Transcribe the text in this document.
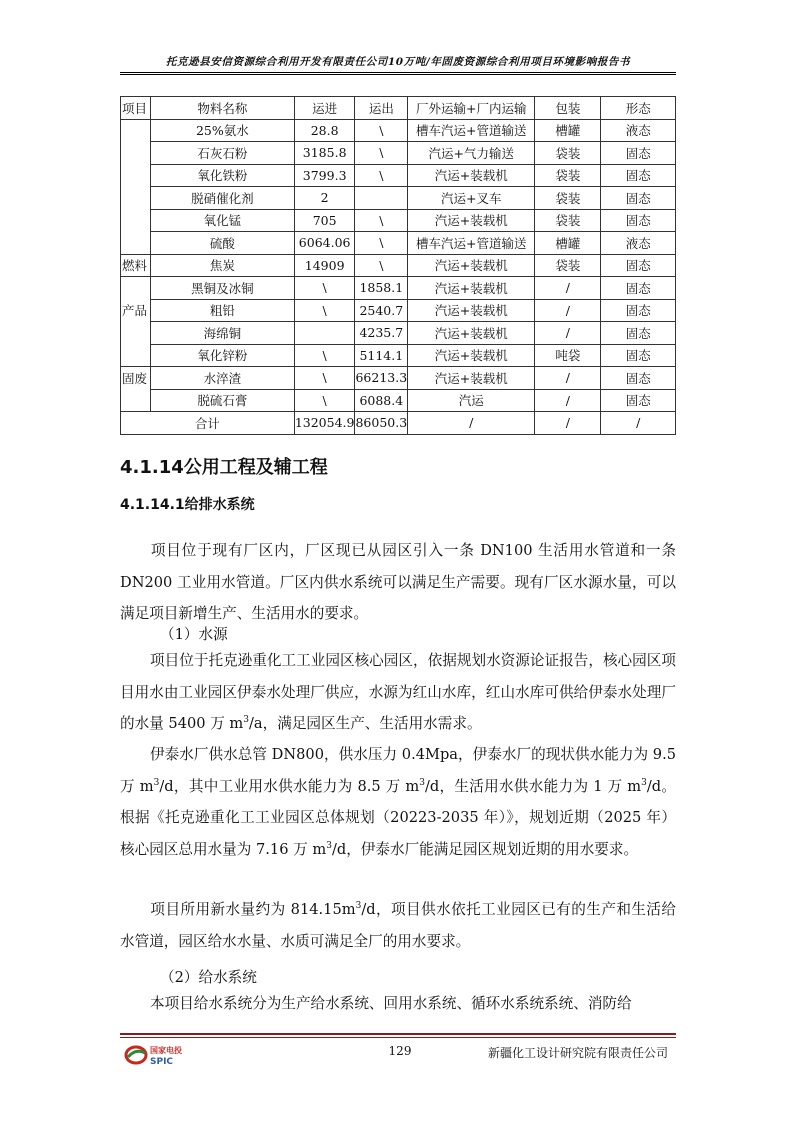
托克逊县安信资源综合利用开发有限责任公司10万吨/年固废资源综合利用项目环境影响报告书
项目	物料名称	运进	运出	厂外运输+厂内运输	包装	形态
	25%氨水	28.8	\	槽车汽运+管道输送	槽罐	液态
	石灰石粉	3185.8	\	汽运+气力输送	袋装	固态
	氧化铁粉	3799.3	\	汽运+装载机	袋装	固态
	脱硝催化剂	2		汽运+叉车	袋装	固态
	氧化锰	705	\	汽运+装载机	袋装	固态
	硫酸	6064.06	\	槽车汽运+管道输送	槽罐	液态
燃料	焦炭	14909	\	汽运+装载机	袋装	固态
	黑铜及冰铜	\	1858.1	汽运+装载机	/	固态
产品	粗铅	\	2540.7	汽运+装载机	/	固态
	海绵铜		4235.7	汽运+装载机	/	固态
	氧化锌粉	\	5114.1	汽运+装载机	吨袋	固态
固废	水淬渣	\	66213.3	汽运+装载机	/	固态
	脱硫石膏	\	6088.4	汽运	/	固态
合计		132054.9	86050.3	/	/	/
4.1.14公用工程及辅工程
4.1.14.1给排水系统
项目位于现有厂区内，厂区现已从园区引入一条 DN100 生活用水管道和一条 DN200 工业用水管道。厂区内供水系统可以满足生产需要。现有厂区水源水量，可以满足项目新增生产、生活用水的要求。
（1）水源
项目位于托克逊重化工工业园区核心园区，依据规划水资源论证报告，核心园区项目用水由工业园区伊泰水处理厂供应，水源为红山水库，红山水库可供给伊泰水处理厂的水量 5400 万 $m^3/a$，满足园区生产、生活用水需求。
伊泰水厂供水总管 DN800，供水压力 0.4Mpa，伊泰水厂的现状供水能力为 9.5 万 $m^3/d$，其中工业用水供水能力为 8.5 万 $m^3/d$，生活用水供水能力为 1 万 $m^3/d$。根据《托克逊重化工工业园区总体规划（20223-2035 年）》，规划近期（2025 年）核心园区总用水量为 7.16 万 $m^3/d$，伊泰水厂能满足园区规划近期的用水要求。
项目所用新水量约为 $814.15m^3/d$，项目供水依托工业园区已有的生产和生活给水管道，园区给水水量、水质可满足全厂的用水要求。
（2）给水系统
本项目给水系统分为生产给水系统、回用水系统、循环水系统系统、消防给
国家电投
SPIC
129	新疆化工设计研究院有限责任公司
